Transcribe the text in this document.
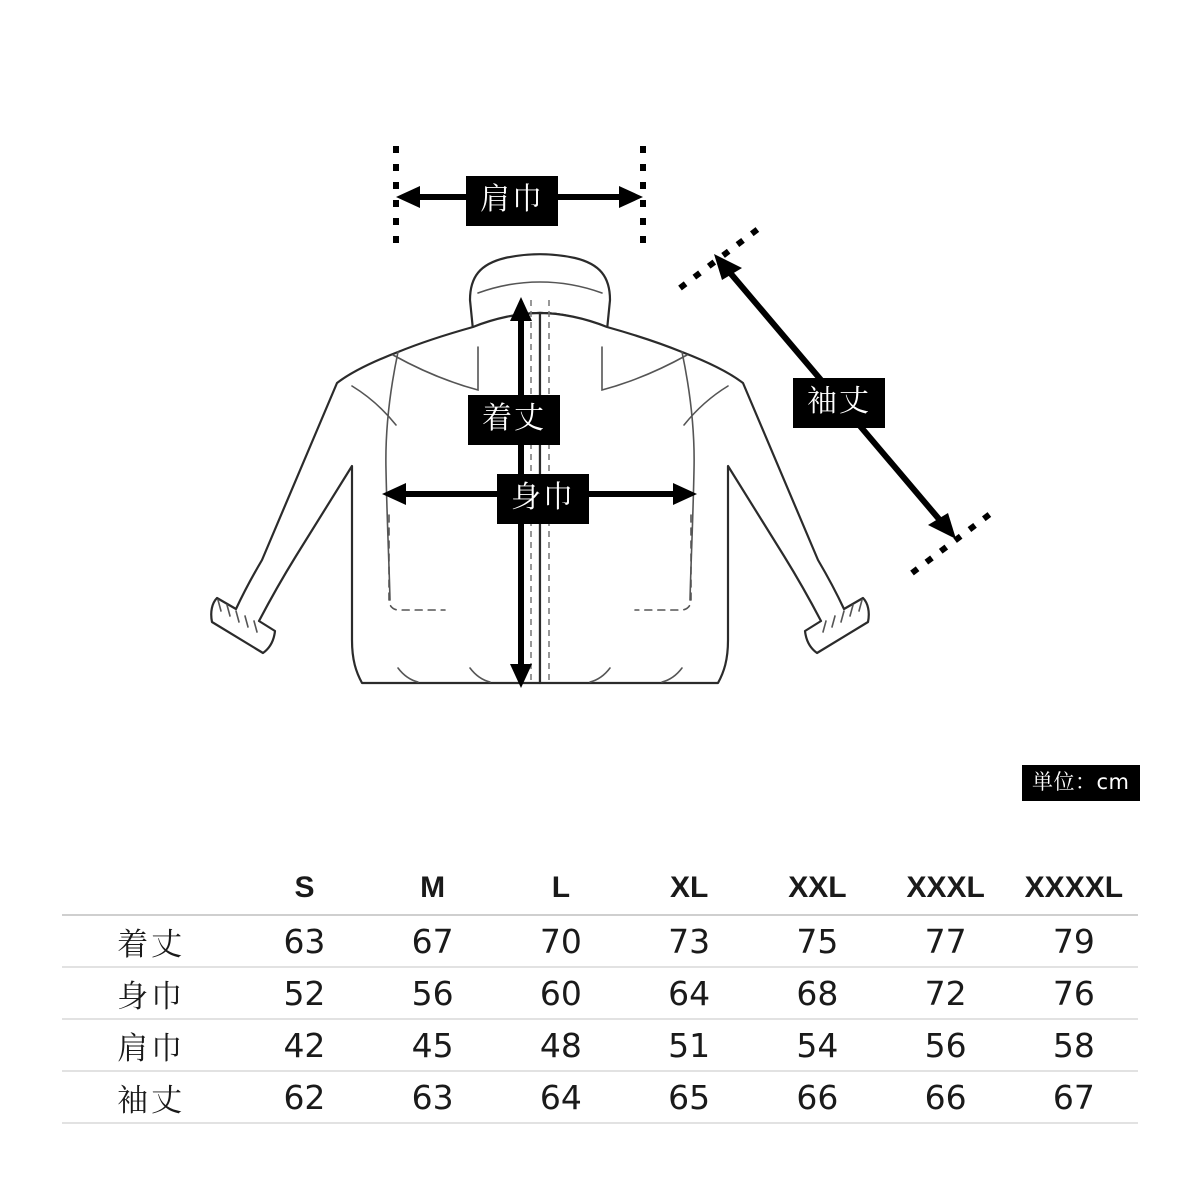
肩巾
着丈
身巾
袖丈
単位：cm
	S	M	L	XL	XXL	XXXL	XXXXL
着丈	63	67	70	73	75	77	79
身巾	52	56	60	64	68	72	76
肩巾	42	45	48	51	54	56	58
袖丈	62	63	64	65	66	66	67
